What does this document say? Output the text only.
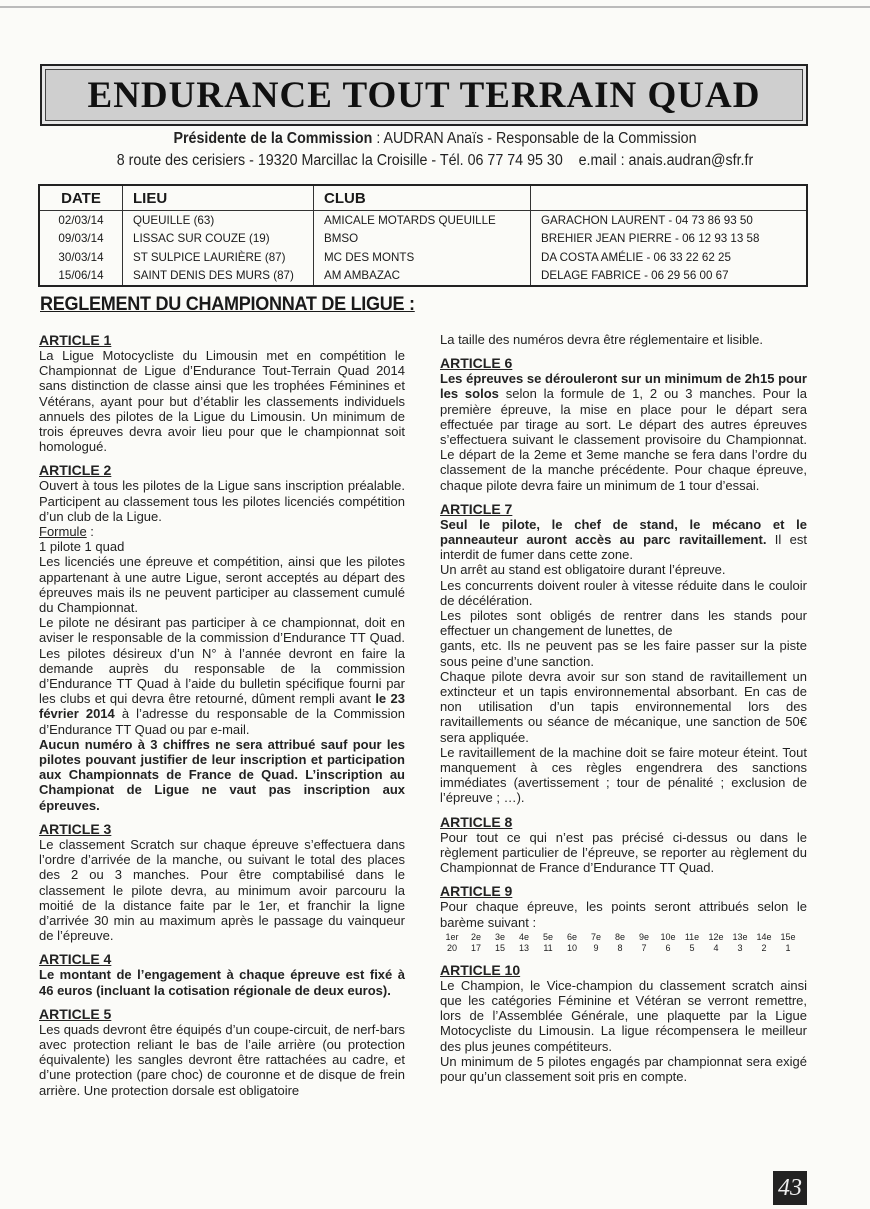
ENDURANCE TOUT TERRAIN QUAD
Présidente de la Commission : AUDRAN Anaïs - Responsable de la Commission
8 route des cerisiers - 19320 Marcillac la Croisille - Tél. 06 77 74 95 30 e.mail : anais.audran@sfr.fr
DATE	LIEU	CLUB	
02/03/14	QUEUILLE (63)	AMICALE MOTARDS QUEUILLE	GARACHON LAURENT - 04 73 86 93 50
09/03/14	LISSAC SUR COUZE (19)	BMSO	BREHIER JEAN PIERRE - 06 12 93 13 58
30/03/14	ST SULPICE LAURIÈRE (87)	MC DES MONTS	DA COSTA AMÉLIE - 06 33 22 62 25
15/06/14	SAINT DENIS DES MURS (87)	AM AMBAZAC	DELAGE FABRICE - 06 29 56 00 67
REGLEMENT DU CHAMPIONNAT DE LIGUE :
ARTICLE 1

La Ligue Motocycliste du Limousin met en compétition le Championnat de Ligue d’Endurance Tout-Terrain Quad 2014 sans distinction de classe ainsi que les trophées Féminines et Vétérans, ayant pour but d’établir les classements individuels annuels des pilotes de la Ligue du Limousin. Un minimum de trois épreuves devra avoir lieu pour que le championnat soit homologué.

ARTICLE 2

Ouvert à tous les pilotes de la Ligue sans inscription préalable. Participent au classement tous les pilotes licenciés compétition d’un club de la Ligue.

Formule :

1 pilote 1 quad

Les licenciés une épreuve et compétition, ainsi que les pilotes appartenant à une autre Ligue, seront acceptés au départ des épreuves mais ils ne peuvent participer au classement cumulé du Championnat.

Le pilote ne désirant pas participer à ce championnat, doit en aviser le responsable de la commission d’Endurance TT Quad. Les pilotes désireux d’un N° à l’année devront en faire la demande auprès du responsable de la commission d’Endurance TT Quad à l’aide du bulletin spécifique fourni par les clubs et qui devra être retourné, dûment rempli avant le 23 février 2014 à l’adresse du responsable de la Commission d’Endurance TT Quad ou par e-mail.

Aucun numéro à 3 chiffres ne sera attribué sauf pour les pilotes pouvant justifier de leur inscription et participation aux Championnats de France de Quad. L’inscription au Championat de Ligue ne vaut pas inscription aux épreuves.

ARTICLE 3

Le classement Scratch sur chaque épreuve s’effectuera dans l’ordre d’arrivée de la manche, ou suivant le total des places des 2 ou 3 manches. Pour être comptabilisé dans le classement le pilote devra, au minimum avoir parcouru la moitié de la distance faite par le 1er, et franchir la ligne d’arrivée 30 min au maximum après le passage du vainqueur de l’épreuve.

ARTICLE 4

Le montant de l’engagement à chaque épreuve est fixé à 46 euros (incluant la cotisation régionale de deux euros).

ARTICLE 5

Les quads devront être équipés d’un coupe-circuit, de nerf-bars avec protection reliant le bas de l’aile arrière (ou protection équivalente) les sangles devront être rattachées au cadre, et d’une protection (pare choc) de couronne et de disque de frein arrière. Une protection dorsale est obligatoire

La taille des numéros devra être réglementaire et lisible.

ARTICLE 6

Les épreuves se dérouleront sur un minimum de 2h15 pour les solos selon la formule de 1, 2 ou 3 manches. Pour la première épreuve, la mise en place pour le départ sera effectuée par tirage au sort. Le départ des autres épreuves s’effectuera suivant le classement provisoire du Championnat. Le départ de la 2eme et 3eme manche se fera dans l’ordre du classement de la manche précédente. Pour chaque épreuve, chaque pilote devra faire un minimum de 1 tour d’essai.

ARTICLE 7

Seul le pilote, le chef de stand, le mécano et le panneauteur auront accès au parc ravitaillement. Il est interdit de fumer dans cette zone.

Un arrêt au stand est obligatoire durant l’épreuve.

Les concurrents doivent rouler à vitesse réduite dans le couloir de décélération.

Les pilotes sont obligés de rentrer dans les stands pour effectuer un changement de lunettes, de

gants, etc. Ils ne peuvent pas se les faire passer sur la piste sous peine d’une sanction.

Chaque pilote devra avoir sur son stand de ravitaillement un extincteur et un tapis environnemental absorbant. En cas de non utilisation d’un tapis environnemental lors des ravitaillements ou séance de mécanique, une sanction de 50€ sera appliquée.

Le ravitaillement de la machine doit se faire moteur éteint. Tout manquement à ces règles engendrera des sanctions immédiates (avertissement ; tour de pénalité ; exclusion de l’épreuve ; …).

ARTICLE 8

Pour tout ce qui n’est pas précisé ci-dessus ou dans le règlement particulier de l’épreuve, se reporter au règlement du Championnat de France d’Endurance TT Quad.

ARTICLE 9

Pour chaque épreuve, les points seront attribués selon le barème suivant :

1er	2e	3e	4e	5e	6e	7e	8e	9e	10e	11e	12e 13e 14e 15e
20	17	15	13	11	10	9	8	7	6	5	4	3	2	1
ARTICLE 10

Le Champion, le Vice-champion du classement scratch ainsi que les catégories Féminine et Vétéran se verront remettre, lors de l’Assemblée Générale, une plaquette par la Ligue Motocycliste du Limousin. La ligue récompensera le meilleur des plus jeunes compétiteurs.

Un minimum de 5 pilotes engagés par championnat sera exigé pour qu’un classement soit pris en compte.

43
